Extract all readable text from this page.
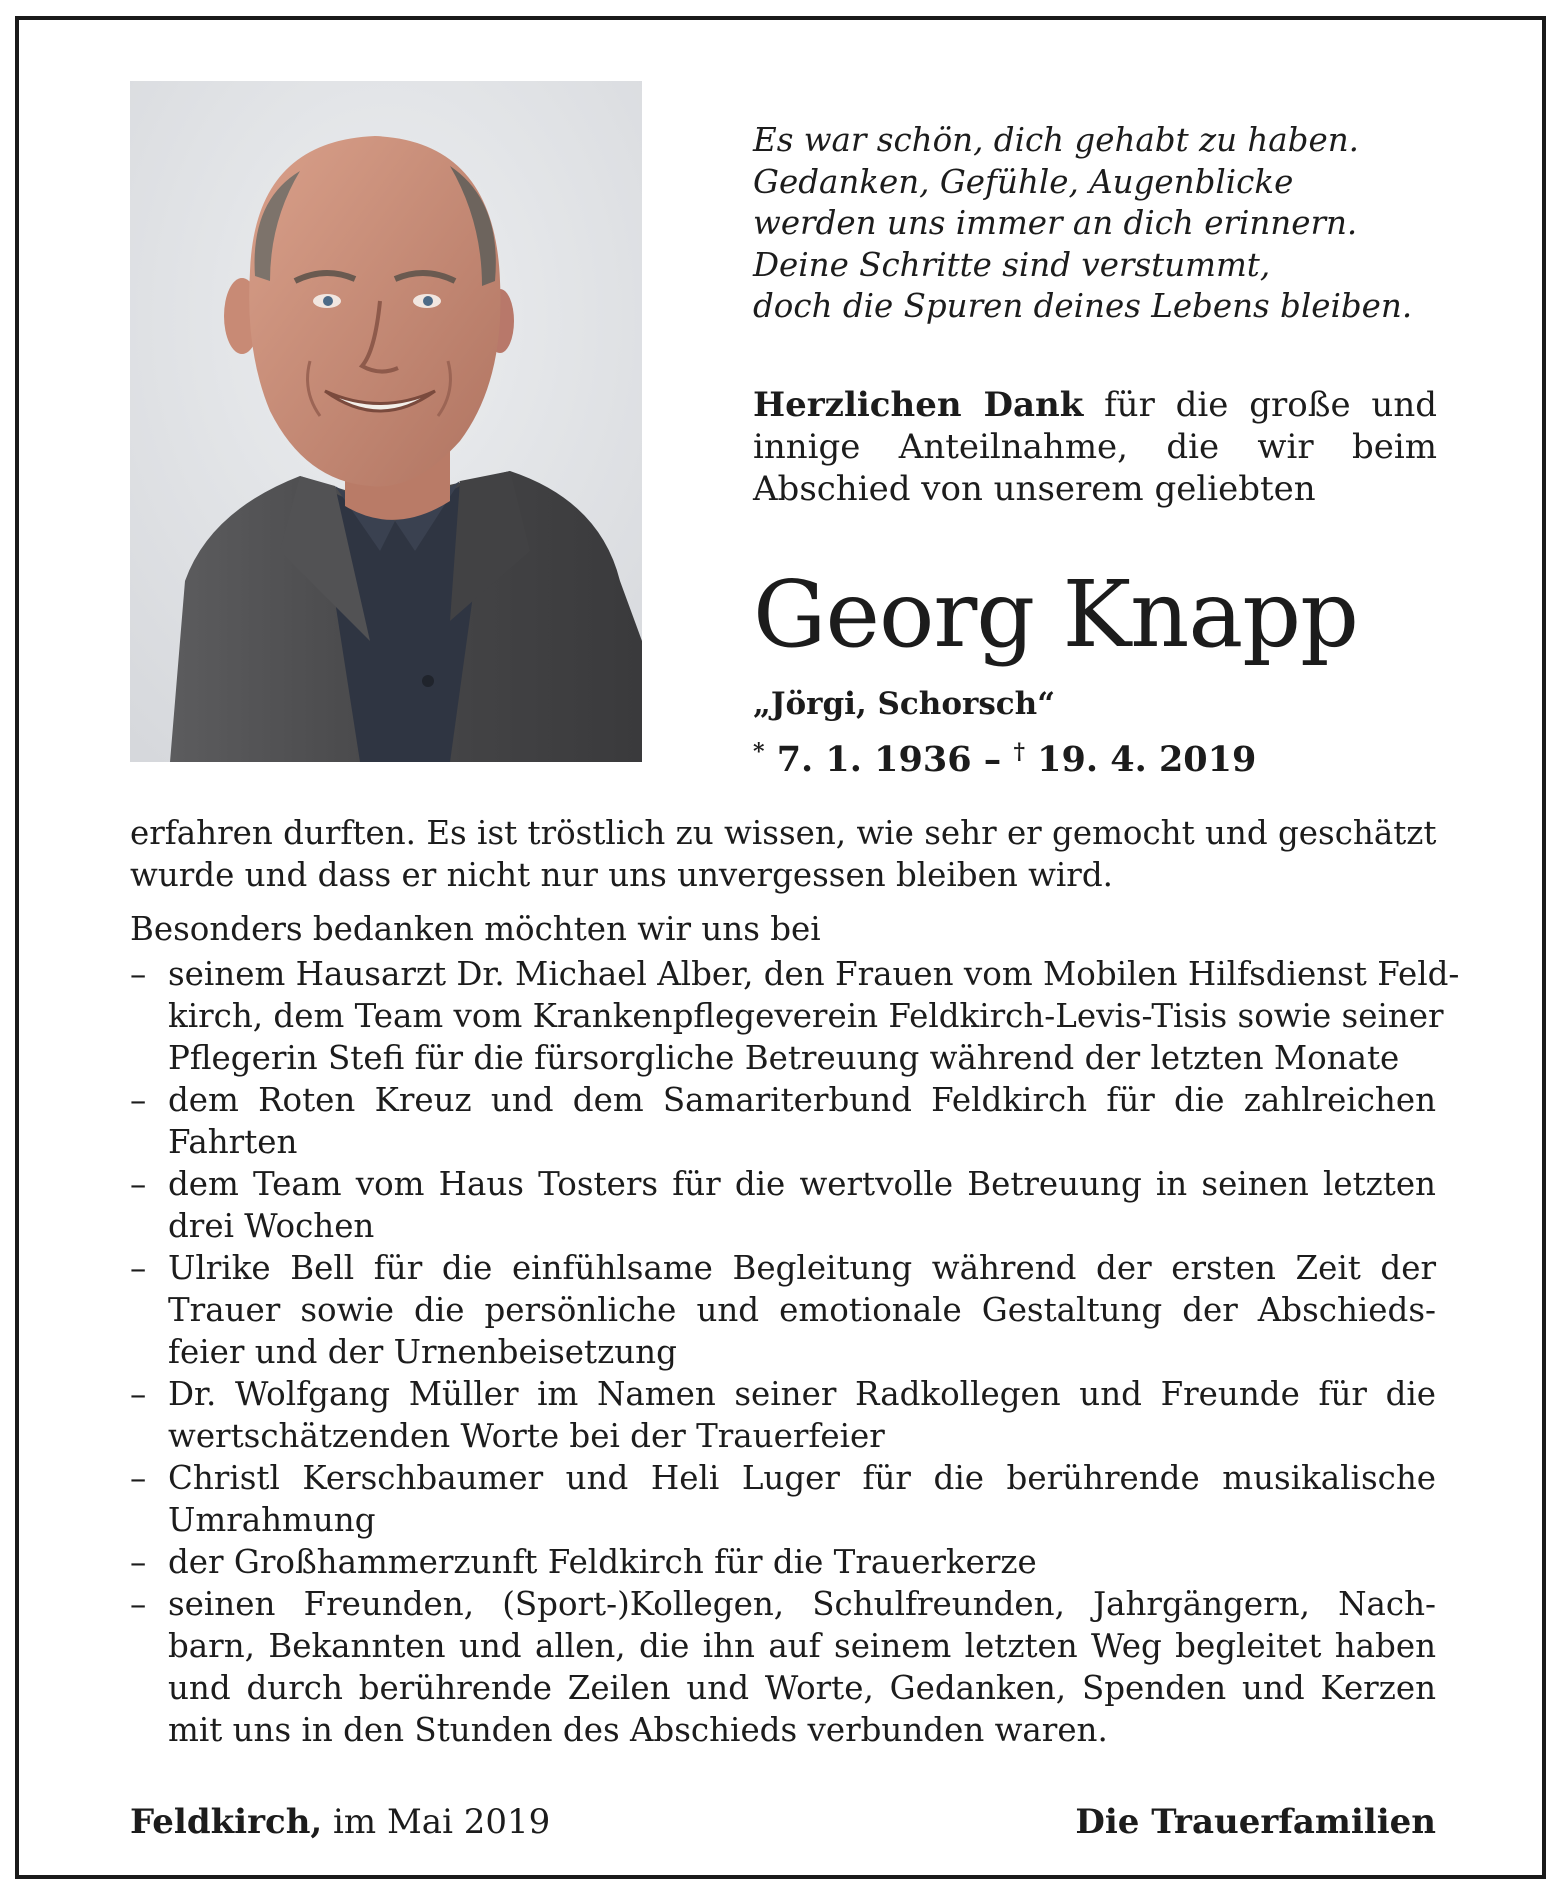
Es war schön, dich gehabt zu haben.
Gedanken, Gefühle, Augenblicke
werden uns immer an dich erinnern.
Deine Schritte sind verstummt,
doch die Spuren deines Lebens bleiben.
Herzlichen Dank für die große und
innige Anteilnahme, die wir beim
Abschied von unserem geliebten
Georg Knapp
„Jörgi, Schorsch“
* 7. 1. 1936 – † 19. 4. 2019
erfahren durften. Es ist tröstlich zu wissen, wie sehr er gemocht und geschätzt
wurde und dass er nicht nur uns unvergessen bleiben wird.
Besonders bedanken möchten wir uns bei
– seinem Hausarzt Dr. Michael Alber, den Frauen vom Mobilen Hilfsdienst Feld-
kirch, dem Team vom Krankenpflegeverein Feldkirch-Levis-Tisis sowie seiner
Pflegerin Stefi für die fürsorgliche Betreuung während der letzten Monate
– dem Roten Kreuz und dem Samariterbund Feldkirch für die zahlreichen
Fahrten
– dem Team vom Haus Tosters für die wertvolle Betreuung in seinen letzten
drei Wochen
– Ulrike Bell für die einfühlsame Begleitung während der ersten Zeit der
Trauer sowie die persönliche und emotionale Gestaltung der Abschieds-
feier und der Urnenbeisetzung
– Dr. Wolfgang Müller im Namen seiner Radkollegen und Freunde für die
wertschätzenden Worte bei der Trauerfeier
– Christl Kerschbaumer und Heli Luger für die berührende musikalische
Umrahmung
– der Großhammerzunft Feldkirch für die Trauerkerze
– seinen Freunden, (Sport-)Kollegen, Schulfreunden, Jahrgängern, Nach-
barn, Bekannten und allen, die ihn auf seinem letzten Weg begleitet haben
und durch berührende Zeilen und Worte, Gedanken, Spenden und Kerzen
mit uns in den Stunden des Abschieds verbunden waren.
Feldkirch, im Mai 2019	Die Trauerfamilien
